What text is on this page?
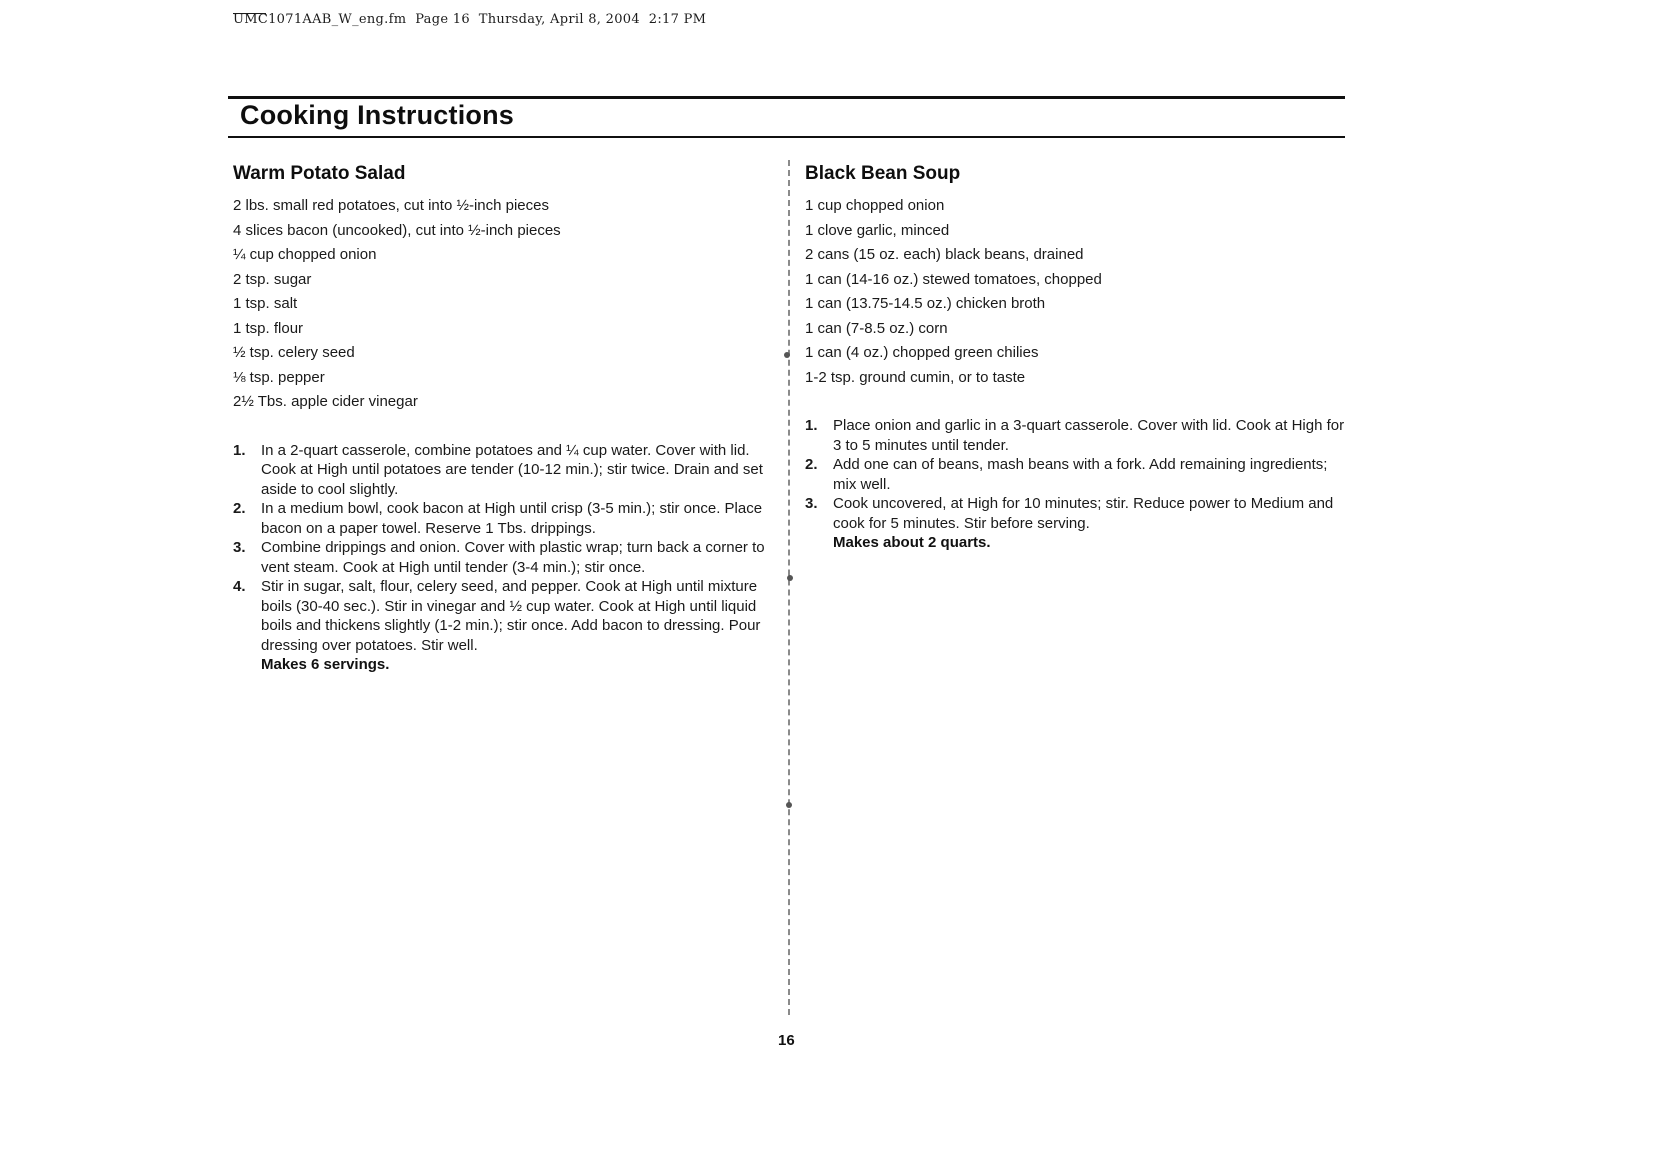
UMC1071AAB_W_eng.fm  Page 16  Thursday, April 8, 2004  2:17 PM
Cooking Instructions
Warm Potato Salad
2 lbs. small red potatoes, cut into ½-inch pieces
4 slices bacon (uncooked), cut into ½-inch pieces
¼ cup chopped onion
2 tsp. sugar
1 tsp. salt
1 tsp. flour
½ tsp. celery seed
⅛ tsp. pepper
2½ Tbs. apple cider vinegar
1.	In a 2-quart casserole, combine potatoes and ¼ cup water. Cover with lid. Cook at High until potatoes are tender (10-12 min.); stir twice. Drain and set aside to cool slightly.
2.	In a medium bowl, cook bacon at High until crisp (3-5 min.); stir once. Place bacon on a paper towel. Reserve 1 Tbs. drippings.
3.	Combine drippings and onion. Cover with plastic wrap; turn back a corner to vent steam. Cook at High until tender (3-4 min.); stir once.
4.	Stir in sugar, salt, flour, celery seed, and pepper. Cook at High until mixture boils (30-40 sec.). Stir in vinegar and ½ cup water. Cook at High until liquid boils and thickens slightly (1-2 min.); stir once. Add bacon to dressing. Pour dressing over potatoes. Stir well.

Makes 6 servings.

Black Bean Soup
1 cup chopped onion
1 clove garlic, minced
2 cans (15 oz. each) black beans, drained
1 can (14-16 oz.) stewed tomatoes, chopped
1 can (13.75-14.5 oz.) chicken broth
1 can (7-8.5 oz.) corn
1 can (4 oz.) chopped green chilies
1-2 tsp. ground cumin, or to taste
1.	Place onion and garlic in a 3-quart casserole. Cover with lid. Cook at High for 3 to 5 minutes until tender.
2.	Add one can of beans, mash beans with a fork. Add remaining ingredients; mix well.
3.	Cook uncovered, at High for 10 minutes; stir. Reduce power to Medium and cook for 5 minutes. Stir before serving.

Makes about 2 quarts.

16
